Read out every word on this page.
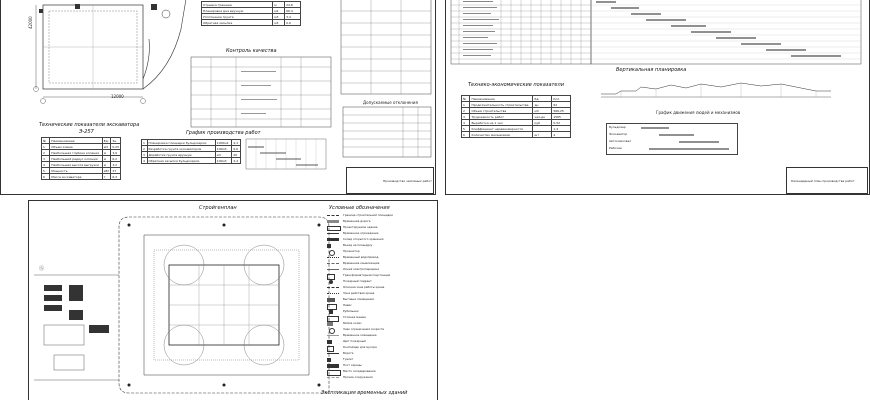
42000
12000
Технические показатели экскаватора
Э-257
№	Наименование	Ед.	Зн.
1	Объем ковша	м3	0,25
2	Наибольшая глубина копания	м	3,9
3	Наибольший радиус копания	м	6,2
4	Наибольшая высота выгрузки	м	3,2
5	Мощность	кВт	37
6	Масса экскаватора	т	6,3
Отрывка траншеи	м	24,8
Планировка дна вручную	м2	66,4
Уплотнение грунта	м3	3,4
Обратная засыпка	м3	0,9
Контроль качества
График производства работ
1	Планировка площадки бульдозером	1000м2	4,3
2	Разработка грунта экскаватором	100м3	9,6
3	Доработка грунта вручную	м3	26
4	Обратная засыпка бульдозером	100м3	3,4
Допускаемые отклонения
Производство земляных работ
Вертикальная планировка
Технико-экономические показатели
№	Наименование	Ед.	Кол.
1	Продолжительность строительства	дн	62
2	Объем строительства	м3	566,25
3	Трудоемкость работ	чел-дн	1565
4	Выработка на 1 чел	руб	0,52
5	Коэффициент неравномерности		1,4
6	Количество механизмов	шт	4
График движения людей и механизмов
Бульдозер
Экскаватор
Автосамосвал
Рабочие
Календарный план производства работ
Стройгенплан
Ⓢ
Условные обозначения
Граница строительной площадки
Временная дорога
Проектируемое здание
Временное ограждение
Склад открытого хранения
Въезд на площадку
Прожектор
Временный водопровод
Временная канализация
Линия электропередачи
Трансформаторная подстанция
Пожарный гидрант
Опасная зона работы крана
Зона действия крана
Бытовые помещения
Навес
Рубильник
Стоянка машин
Мойка колес
Знак ограничения скорости
Временное освещение
Щит пожарный
Контейнер для мусора
Ворота
Туалет
Пост охраны
Место складирования
Прочие сооружения
Экспликация временных зданий
